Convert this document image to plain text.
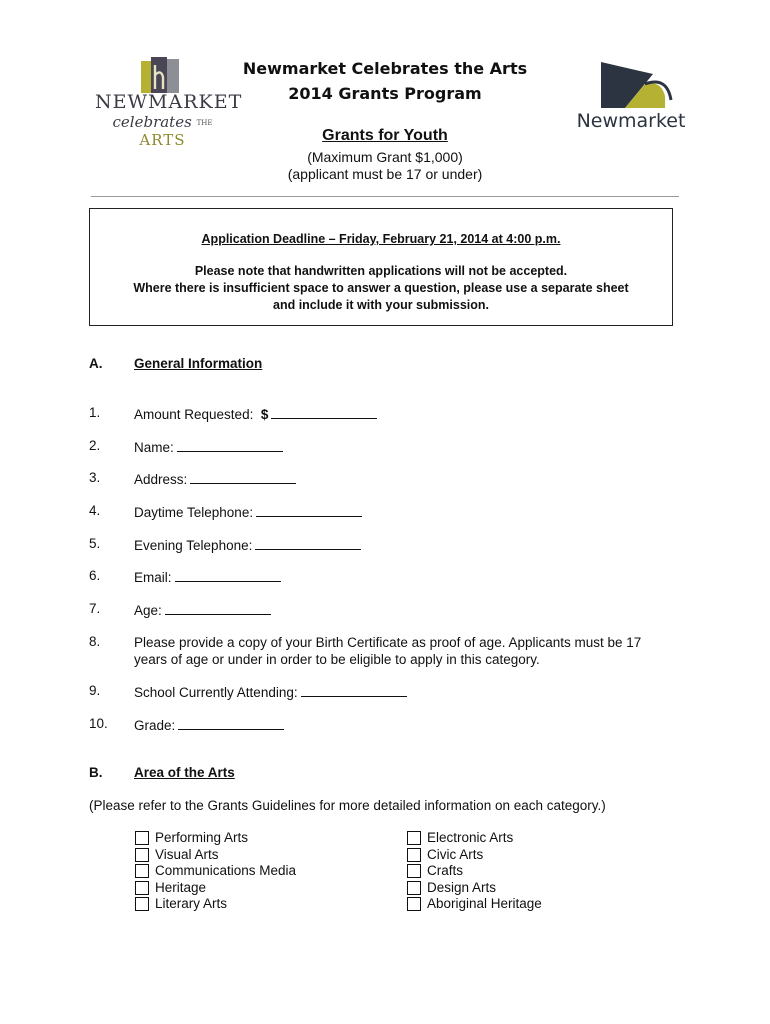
NEWMARKET
celebrates THE ARTS
Newmarket
Newmarket Celebrates the Arts
2014 Grants Program
Grants for Youth
(Maximum Grant $1,000)
(applicant must be 17 or under)
Application Deadline – Friday, February 21, 2014 at 4:00 p.m.
Please note that handwritten applications will not be accepted.
Where there is insufficient space to answer a question, please use a separate sheet
and include it with your submission.
A. General Information
1. Amount Requested: $
2. Name:
3. Address:
4. Daytime Telephone:
5. Evening Telephone:
6. Email:
7. Age:
8. Please provide a copy of your Birth Certificate as proof of age. Applicants must be 17 years of age or under in order to be eligible to apply in this category.
9. School Currently Attending:
10. Grade:
B. Area of the Arts
(Please refer to the Grants Guidelines for more detailed information on each category.)
Performing Arts
Visual Arts
Communications Media
Heritage
Literary Arts
Electronic Arts
Civic Arts
Crafts
Design Arts
Aboriginal Heritage
